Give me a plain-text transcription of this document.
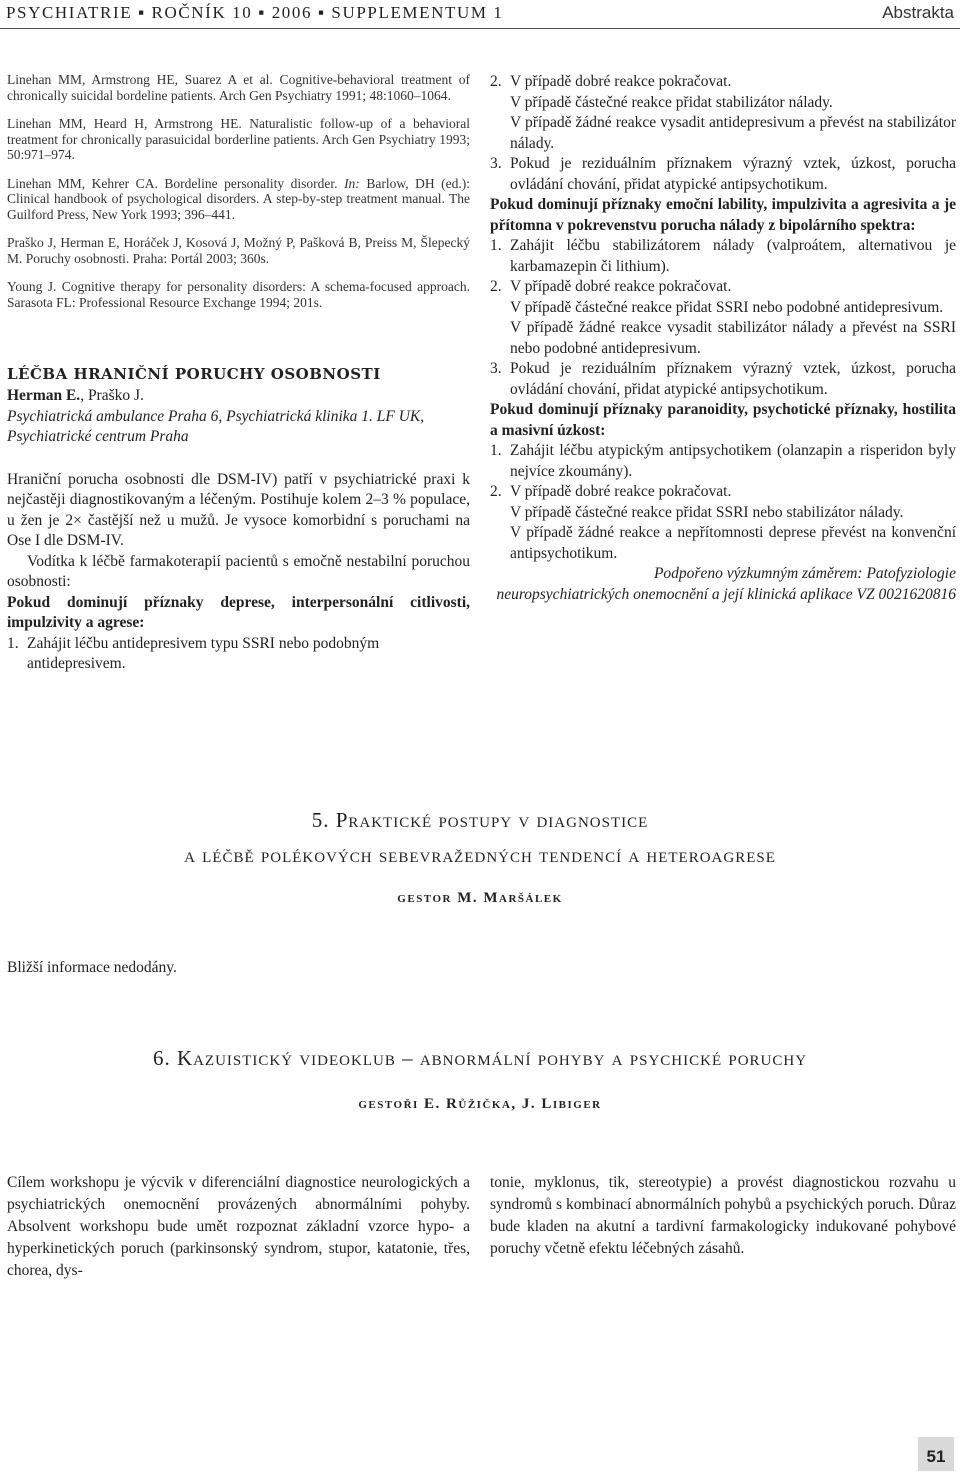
PSYCHIATRIE ▪ ROČNÍK 10 ▪ 2006 ▪ SUPPLEMENTUM 1	Abstrakta

Linehan MM, Armstrong HE, Suarez A et al. Cognitive-behavioral treatment of chronically suicidal bordeline patients. Arch Gen Psychiatry 1991; 48:1060–1064.

Linehan MM, Heard H, Armstrong HE. Naturalistic follow-up of a behavioral treatment for chronically parasuicidal borderline patients. Arch Gen Psychiatry 1993; 50:971–974.

Linehan MM, Kehrer CA. Bordeline personality disorder. In: Barlow, DH (ed.): Clinical handbook of psychological disorders. A step-by-step treatment manual. The Guilford Press, New York 1993; 396–441.

Praško J, Herman E, Horáček J, Kosová J, Možný P, Pašková B, Preiss M, Šlepecký M. Poruchy osobnosti. Praha: Portál 2003; 360s.

Young J. Cognitive therapy for personality disorders: A schema-focused approach. Sarasota FL: Professional Resource Exchange 1994; 201s.

LÉČBA HRANIČNÍ PORUCHY OSOBNOSTI

Herman E., Praško J.

Psychiatrická ambulance Praha 6, Psychiatrická klinika 1. LF UK, Psychiatrické centrum Praha

Hraniční porucha osobnosti dle DSM-IV) patří v psychiatrické praxi k nejčastěji diagnostikovaným a léčeným. Postihuje kolem 2–3 % populace, u žen je 2× častější než u mužů. Je vysoce komorbidní s poruchami na Ose I dle DSM-IV.

Vodítka k léčbě farmakoterapií pacientů s emočně nestabilní poruchou osobnosti:

Pokud dominují příznaky deprese, interpersonální citlivosti, impulzivity a agrese:

1. Zahájit léčbu antidepresivem typu SSRI nebo podobným antidepresivem.
2. V případě dobré reakce pokračovat.
V případě částečné reakce přidat stabilizátor nálady.
V případě žádné reakce vysadit antidepresivum a převést na stabilizátor nálady.
3. Pokud je reziduálním příznakem výrazný vztek, úzkost, porucha ovládání chování, přidat atypické antipsychotikum.

Pokud dominují příznaky emoční lability, impulzivita a agresivita a je přítomna v pokrevenstvu porucha nálady z bipolárního spektra:

1. Zahájit léčbu stabilizátorem nálady (valproátem, alternativou je karbamazepin či lithium).
2. V případě dobré reakce pokračovat.
V případě částečné reakce přidat SSRI nebo podobné antidepresivum.
V případě žádné reakce vysadit stabilizátor nálady a převést na SSRI nebo podobné antidepresivum.
3. Pokud je reziduálním příznakem výrazný vztek, úzkost, porucha ovládání chování, přidat atypické antipsychotikum.

Pokud dominují příznaky paranoidity, psychotické příznaky, hostilita a masivní úzkost:

1. Zahájit léčbu atypickým antipsychotikem (olanzapin a risperidon byly nejvíce zkoumány).
2. V případě dobré reakce pokračovat.
V případě částečné reakce přidat SSRI nebo stabilizátor nálady.
V případě žádné reakce a nepřítomnosti deprese převést na konvenční antipsychotikum.

Podpořeno výzkumným záměrem: Patofyziologie neuropsychiatrických onemocnění a její klinická aplikace VZ 0021620816

5. Praktické postupy v diagnostice
a léčbě polékových sebevražedných tendencí a heteroagrese
gestor M. Maršálek
Bližší informace nedodány.
6. Kazuistický videoklub – abnormální pohyby a psychické poruchy
gestoři E. Růžička, J. Libiger

Cílem workshopu je výcvik v diferenciální diagnostice neurologických a psychiatrických onemocnění provázených abnormálními pohyby. Absolvent workshopu bude umět rozpoznat základní vzorce hypo- a hyperkinetických poruch (parkinsonský syndrom, stupor, katatonie, třes, chorea, dys-

tonie, myklonus, tik, stereotypie) a provést diagnostickou rozvahu u syndromů s kombinací abnormálních pohybů a psychických poruch. Důraz bude kladen na akutní a tardivní farmakologicky indukované pohybové poruchy včetně efektu léčebných zásahů.

51
